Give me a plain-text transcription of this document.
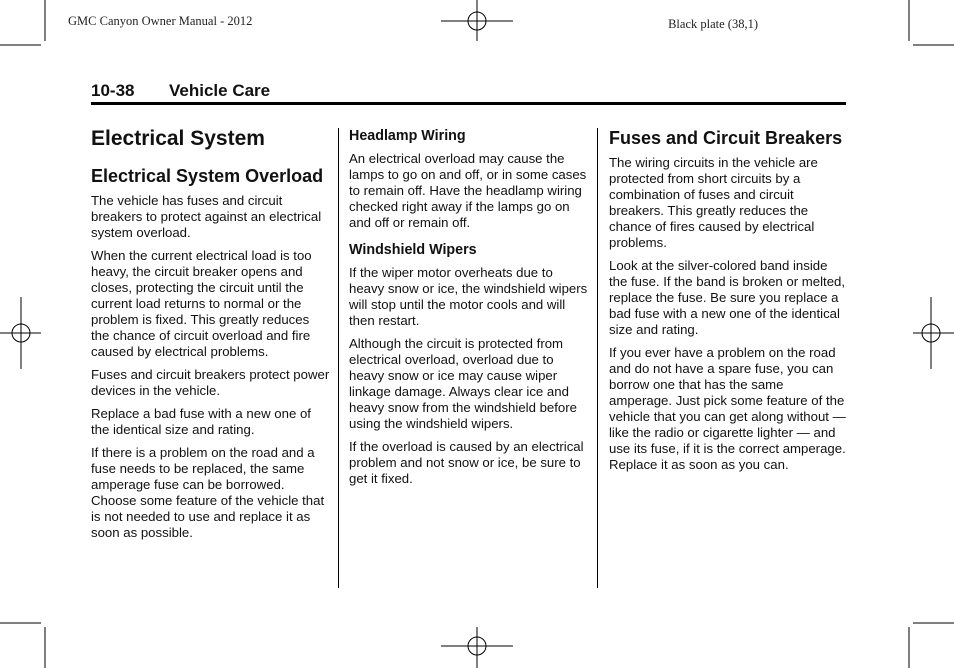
GMC Canyon Owner Manual - 2012	Black plate (38,1)
10-38 Vehicle Care
Electrical System
Electrical System Overload

The vehicle has fuses and circuit breakers to protect against an electrical system overload.

When the current electrical load is too heavy, the circuit breaker opens and closes, protecting the circuit until the current load returns to normal or the problem is fixed. This greatly reduces the chance of circuit overload and fire caused by electrical problems.

Fuses and circuit breakers protect power devices in the vehicle.

Replace a bad fuse with a new one of the identical size and rating.

If there is a problem on the road and a fuse needs to be replaced, the same amperage fuse can be borrowed. Choose some feature of the vehicle that is not needed to use and replace it as soon as possible.

Headlamp Wiring

An electrical overload may cause the lamps to go on and off, or in some cases to remain off. Have the headlamp wiring checked right away if the lamps go on and off or remain off.

Windshield Wipers

If the wiper motor overheats due to heavy snow or ice, the windshield wipers will stop until the motor cools and will then restart.

Although the circuit is protected from electrical overload, overload due to heavy snow or ice may cause wiper linkage damage. Always clear ice and heavy snow from the windshield before using the windshield wipers.

If the overload is caused by an electrical problem and not snow or ice, be sure to get it fixed.

Fuses and Circuit Breakers

The wiring circuits in the vehicle are protected from short circuits by a combination of fuses and circuit breakers. This greatly reduces the chance of fires caused by electrical problems.

Look at the silver-colored band inside the fuse. If the band is broken or melted, replace the fuse. Be sure you replace a bad fuse with a new one of the identical size and rating.

If you ever have a problem on the road and do not have a spare fuse, you can borrow one that has the same amperage. Just pick some feature of the vehicle that you can get along without — like the radio or cigarette lighter — and use its fuse, if it is the correct amperage. Replace it as soon as you can.
